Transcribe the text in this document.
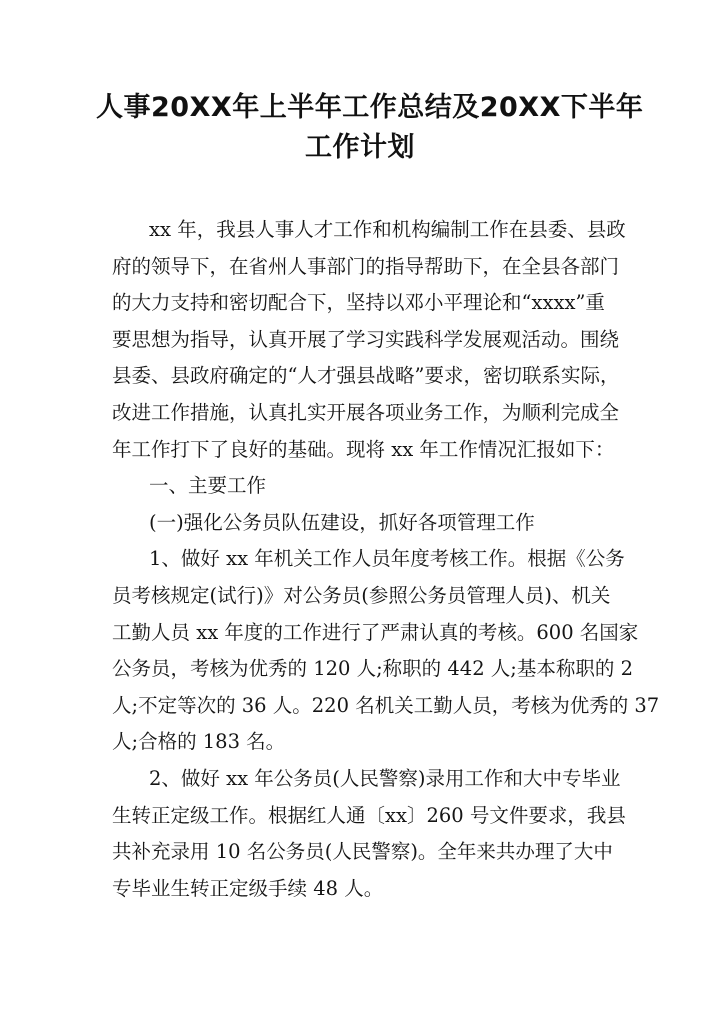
人事20XX年上半年工作总结及20XX下半年
工作计划
xx 年，我县人事人才工作和机构编制工作在县委、县政
府的领导下，在省州人事部门的指导帮助下，在全县各部门
的大力支持和密切配合下，坚持以邓小平理论和“xxxx”重
要思想为指导，认真开展了学习实践科学发展观活动。围绕
县委、县政府确定的“人才强县战略”要求，密切联系实际，
改进工作措施，认真扎实开展各项业务工作，为顺利完成全
年工作打下了良好的基础。现将 xx 年工作情况汇报如下：
一、主要工作
(一)强化公务员队伍建设，抓好各项管理工作
1、做好 xx 年机关工作人员年度考核工作。根据《公务
员考核规定(试行)》对公务员(参照公务员管理人员)、机关
工勤人员 xx 年度的工作进行了严肃认真的考核。600 名国家
公务员，考核为优秀的 120 人;称职的 442 人;基本称职的 2
人;不定等次的 36 人。220 名机关工勤人员，考核为优秀的 37
人;合格的 183 名。
2、做好 xx 年公务员(人民警察)录用工作和大中专毕业
生转正定级工作。根据红人通〔xx〕260 号文件要求，我县
共补充录用 10 名公务员(人民警察)。全年来共办理了大中
专毕业生转正定级手续 48 人。
